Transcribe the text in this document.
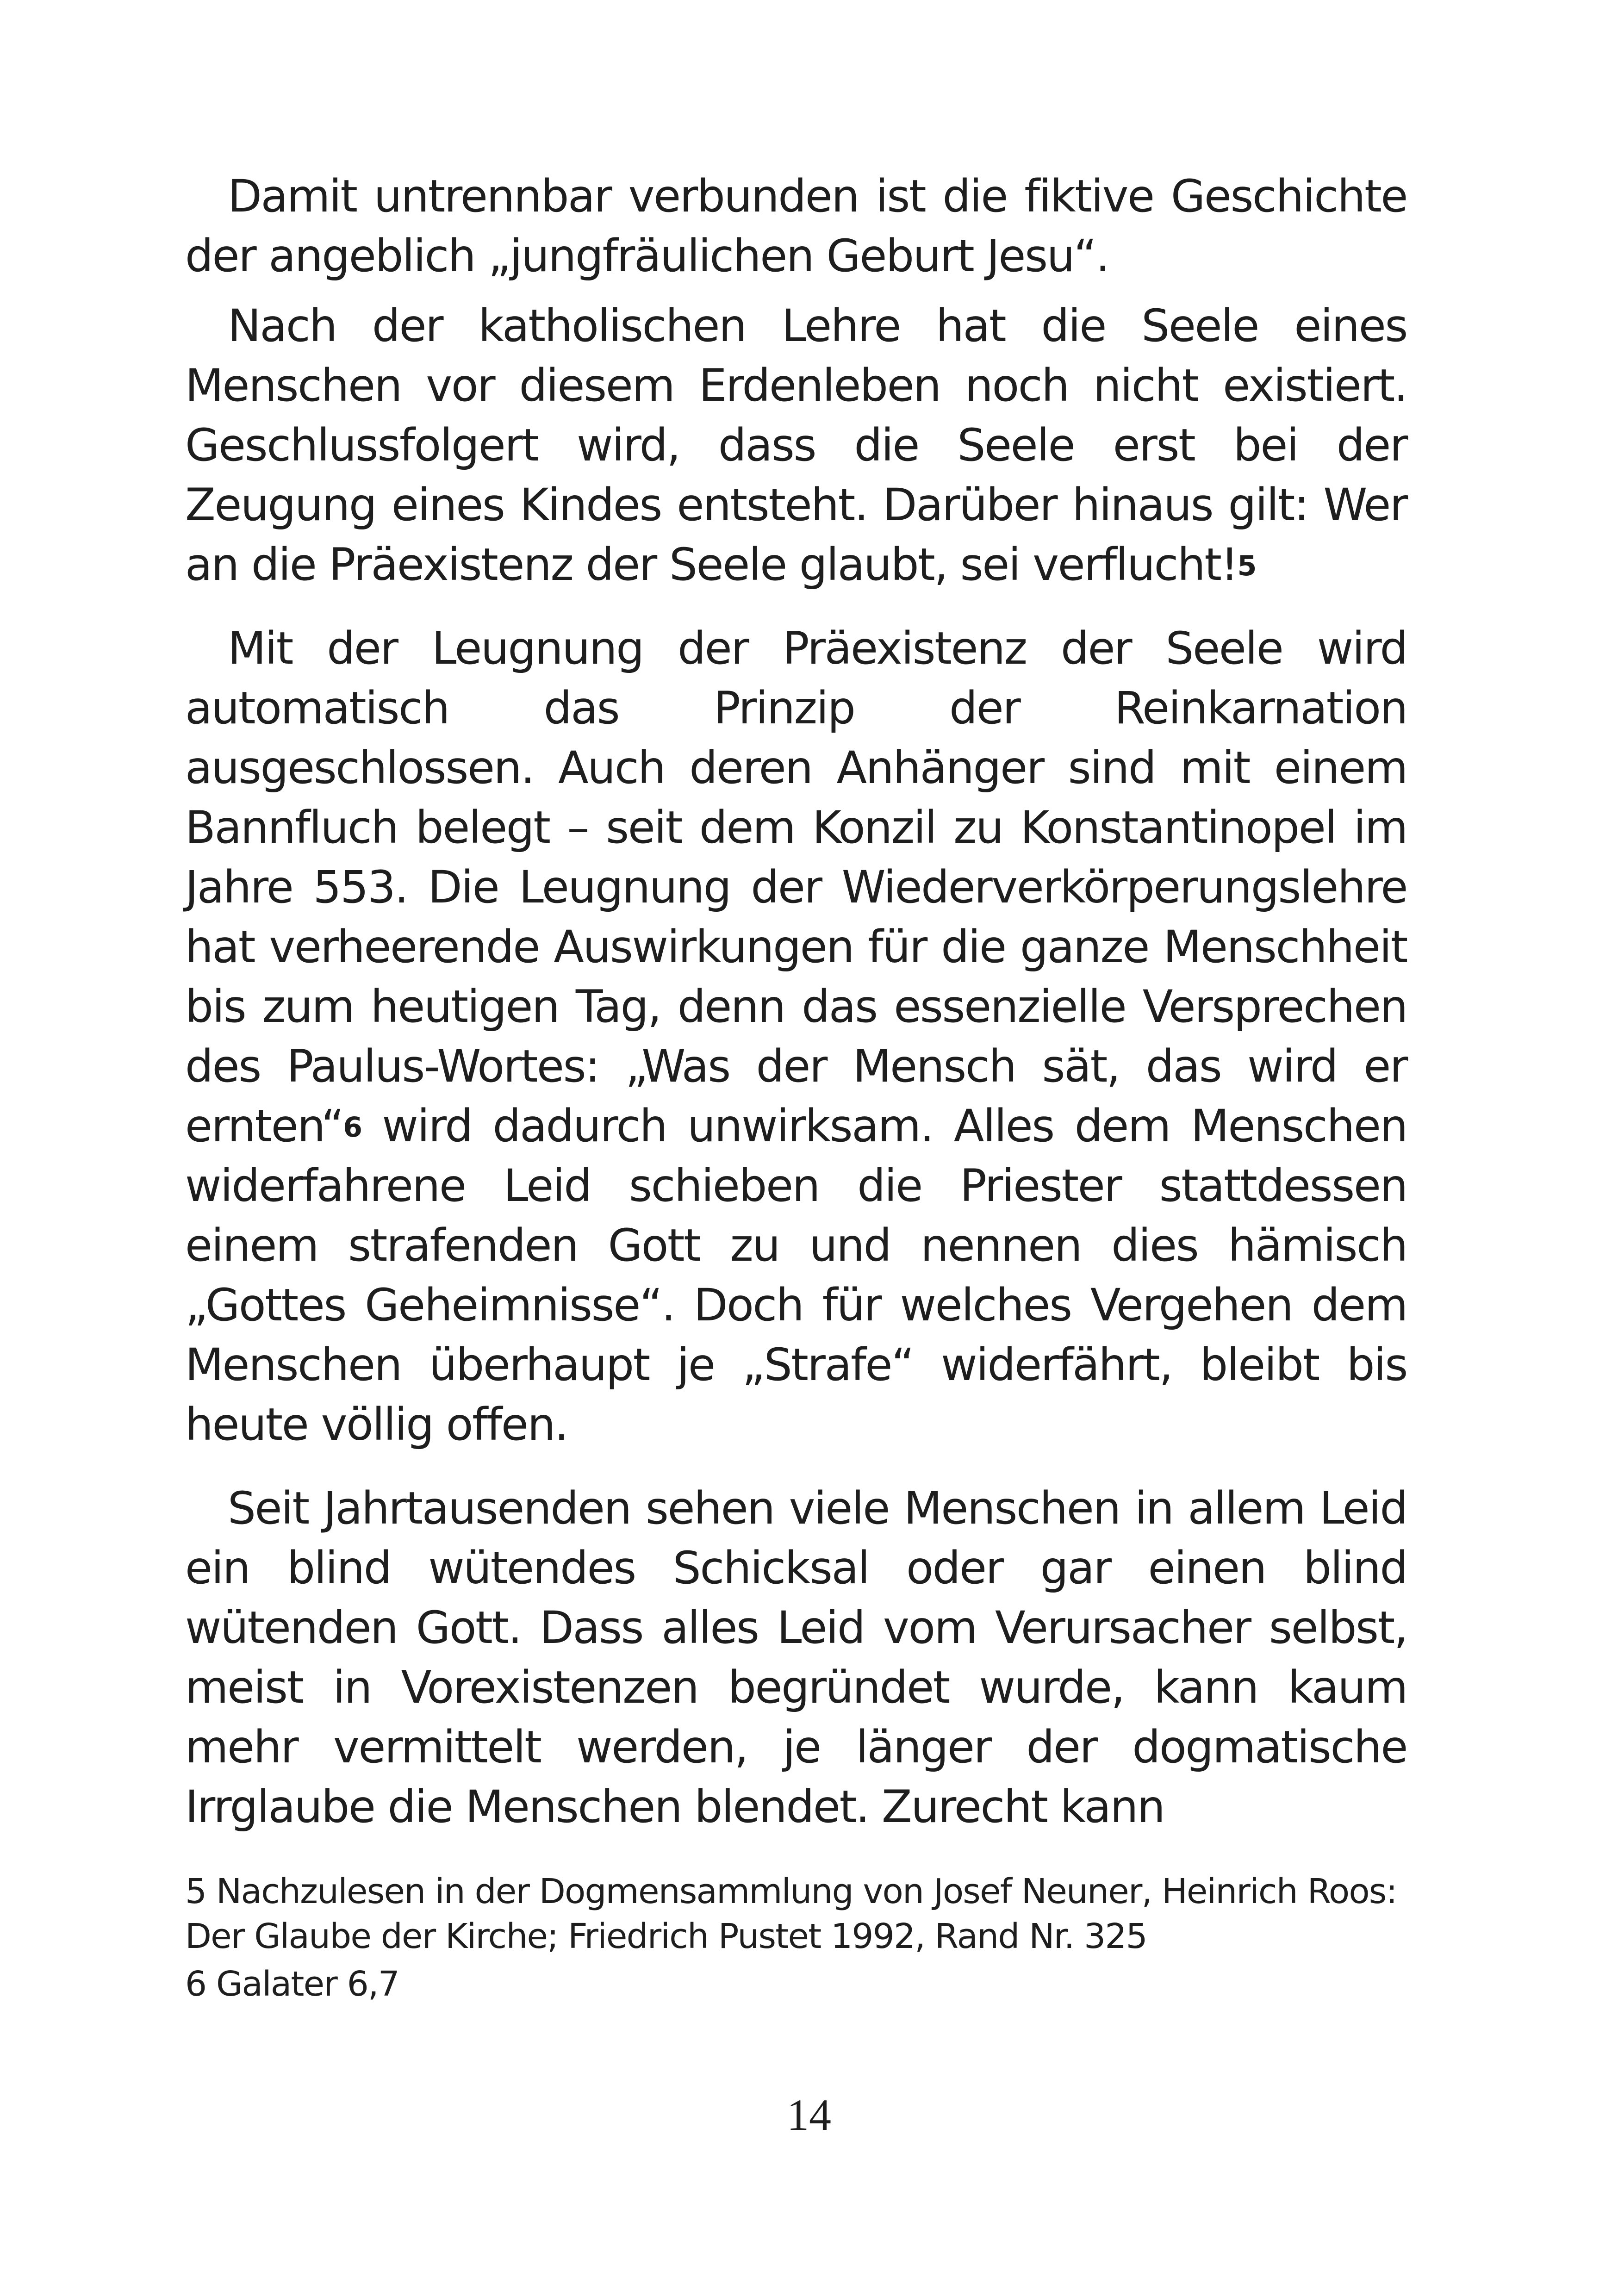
Damit untrennbar verbunden ist die fiktive Geschichte der angeblich „jungfräulichen Geburt Jesu“.

Nach der katholischen Lehre hat die Seele eines Menschen vor diesem Erdenleben noch nicht existiert. Geschlussfolgert wird, dass die Seele erst bei der Zeugung eines Kindes entsteht. Darüber hinaus gilt: Wer an die Präexistenz der Seele glaubt, sei verflucht!$^5$

Mit der Leugnung der Präexistenz der Seele wird automatisch das Prinzip der Reinkarnation ausgeschlossen. Auch deren Anhänger sind mit einem Bannfluch belegt – seit dem Konzil zu Konstantinopel im Jahre 553. Die Leugnung der Wiederverkörperungslehre hat verheerende Auswirkungen für die ganze Menschheit bis zum heutigen Tag, denn das essenzielle Versprechen des Paulus-Wortes: „Was der Mensch sät, das wird er ernten“$^6$ wird dadurch unwirksam. Alles dem Menschen widerfahrene Leid schieben die Priester stattdessen einem strafenden Gott zu und nennen dies hämisch „Gottes Geheimnisse“. Doch für welches Vergehen dem Menschen überhaupt je „Strafe“ widerfährt, bleibt bis heute völlig offen.

Seit Jahrtausenden sehen viele Menschen in allem Leid ein blind wütendes Schicksal oder gar einen blind wütenden Gott. Dass alles Leid vom Verursacher selbst, meist in Vorexistenzen begründet wurde, kann kaum mehr vermittelt werden, je länger der dogmatische Irrglaube die Menschen blendet. Zurecht kann

5 Nachzulesen in der Dogmensammlung von Josef Neuner, Heinrich Roos: Der Glaube der Kirche; Friedrich Pustet 1992, Rand Nr. 325

6 Galater 6,7

14
